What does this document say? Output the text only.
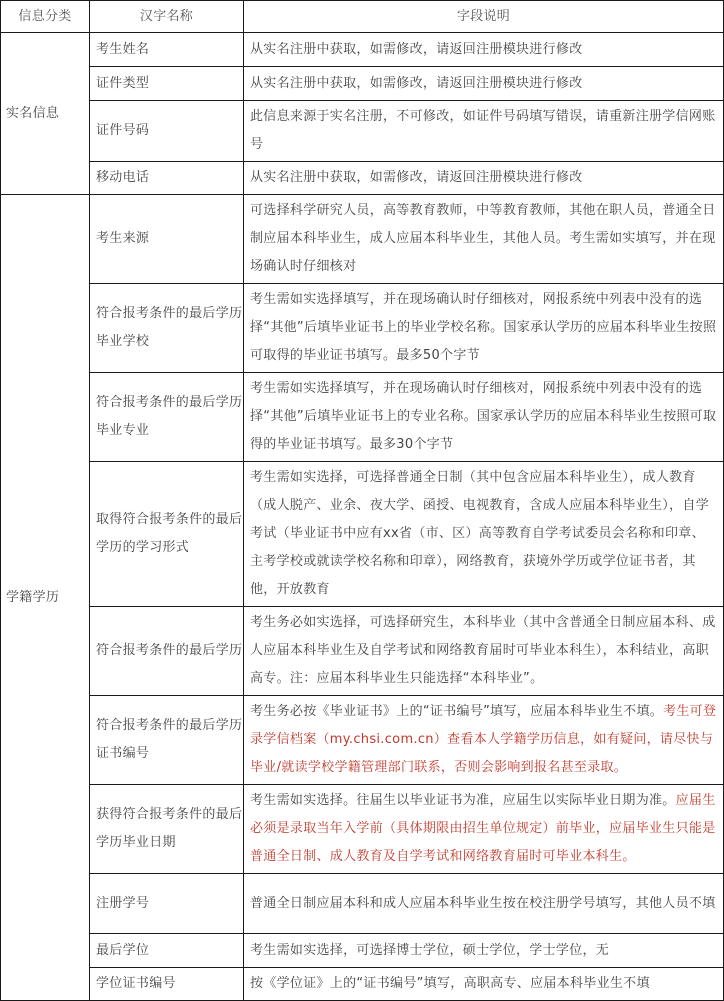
信息分类	汉字名称	字段说明
实名信息	考生姓名	从实名注册中获取，如需修改，请返回注册模块进行修改
	证件类型	从实名注册中获取，如需修改，请返回注册模块进行修改
	证件号码	此信息来源于实名注册，不可修改，如证件号码填写错误，请重新注册学信网账号
	移动电话	从实名注册中获取，如需修改，请返回注册模块进行修改
学籍学历	考生来源	可选择科学研究人员，高等教育教师，中等教育教师，其他在职人员，普通全日制应届本科毕业生，成人应届本科毕业生，其他人员。考生需如实填写，并在现场确认时仔细核对
	符合报考条件的最后学历毕业学校	考生需如实选择填写，并在现场确认时仔细核对，网报系统中列表中没有的选择“其他”后填毕业证书上的毕业学校名称。国家承认学历的应届本科毕业生按照可取得的毕业证书填写。最多50个字节
	符合报考条件的最后学历毕业专业	考生需如实选择填写，并在现场确认时仔细核对，网报系统中列表中没有的选择“其他”后填毕业证书上的专业名称。国家承认学历的应届本科毕业生按照可取得的毕业证书填写。最多30个字节
	取得符合报考条件的最后学历的学习形式	考生需如实选择，可选择普通全日制（其中包含应届本科毕业生），成人教育（成人脱产、业余、夜大学、函授、电视教育，含成人应届本科毕业生），自学考试（毕业证书中应有xx省（市、区）高等教育自学考试委员会名称和印章、主考学校或就读学校名称和印章），网络教育，获境外学历或学位证书者，其他，开放教育
	符合报考条件的最后学历	考生务必如实选择，可选择研究生，本科毕业（其中含普通全日制应届本科、成人应届本科毕业生及自学考试和网络教育届时可毕业本科生），本科结业，高职高专。注：应届本科毕业生只能选择“本科毕业”。
	符合报考条件的最后学历证书编号	考生务必按《毕业证书》上的“证书编号”填写，应届本科毕业生不填。考生可登录学信档案（my.chsi.com.cn）查看本人学籍学历信息，如有疑问，请尽快与毕业/就读学校学籍管理部门联系，否则会影响到报名甚至录取。
	获得符合报考条件的最后学历毕业日期	考生需如实选择。往届生以毕业证书为准，应届生以实际毕业日期为准。应届生必须是录取当年入学前（具体期限由招生单位规定）前毕业，应届毕业生只能是普通全日制、成人教育及自学考试和网络教育届时可毕业本科生。
	注册学号	普通全日制应届本科和成人应届本科毕业生按在校注册学号填写，其他人员不填
	最后学位	考生需如实选择，可选择博士学位，硕士学位，学士学位，无
	学位证书编号	按《学位证》上的“证书编号”填写，高职高专、应届本科毕业生不填
